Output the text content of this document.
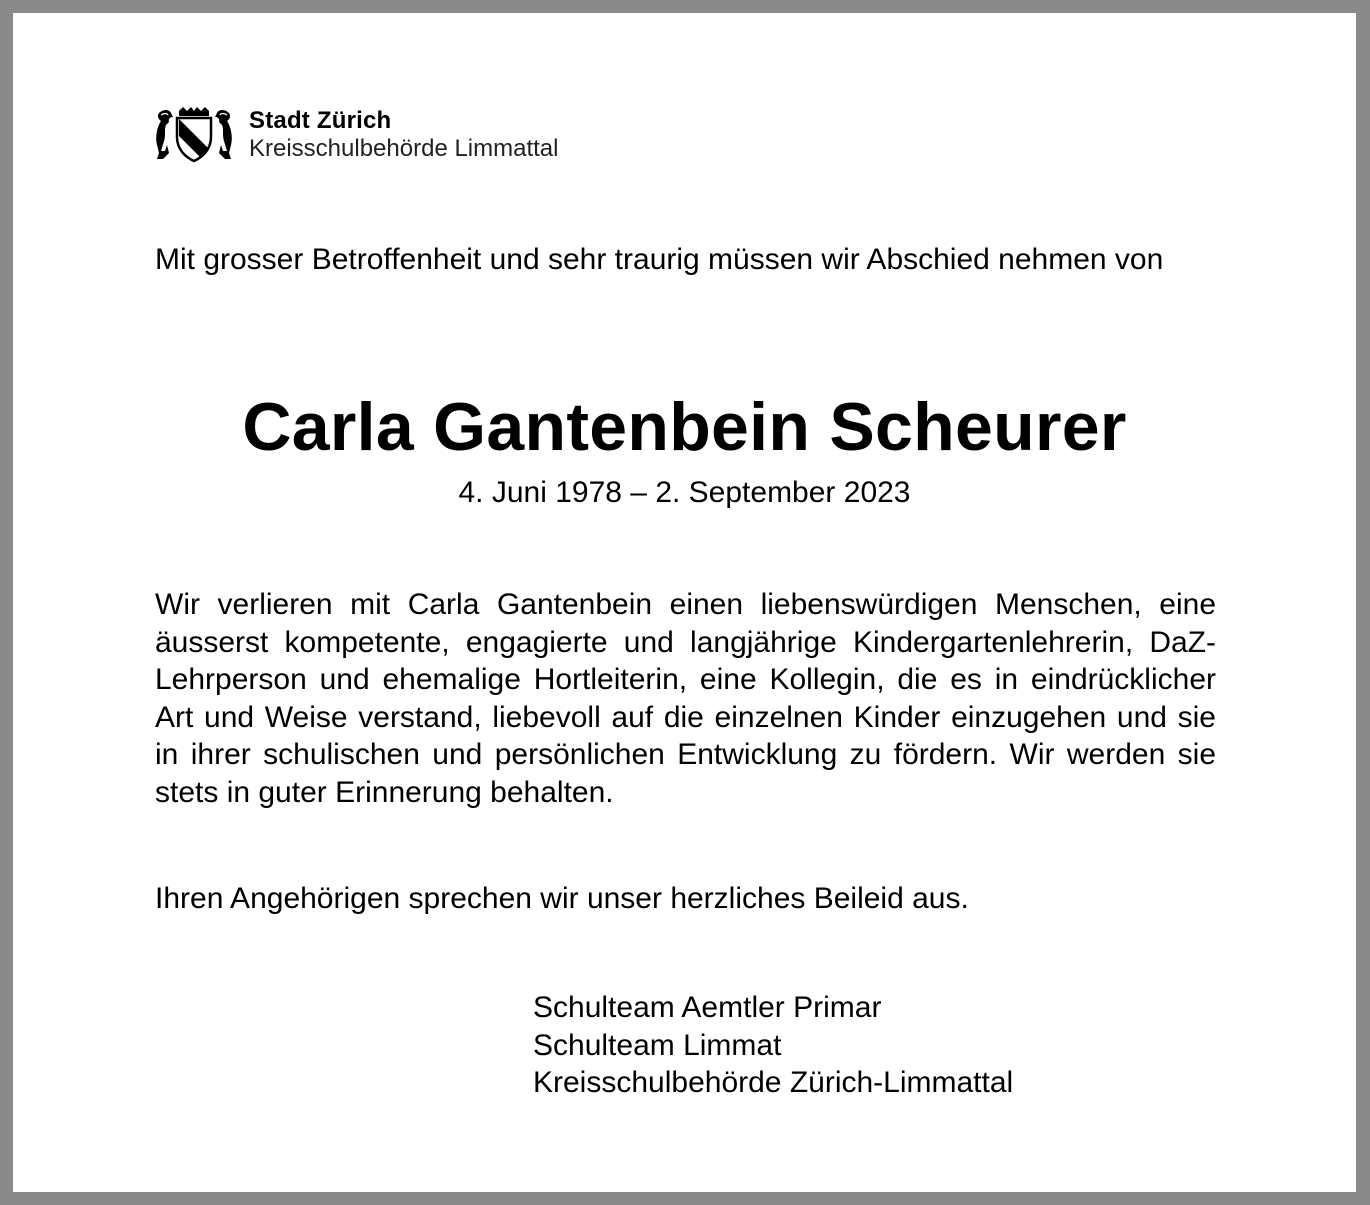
Stadt Zürich
Kreisschulbehörde Limmattal

Mit grosser Betroffenheit und sehr traurig müssen wir Abschied nehmen von

Carla Gantenbein Scheurer
4. Juni 1978 – 2. September 2023

Wir verlieren mit Carla Gantenbein einen liebenswürdigen Menschen, eine äusserst kompetente, engagierte und langjährige Kindergartenlehrerin, DaZ-Lehrperson und ehemalige Hortleiterin, eine Kollegin, die es in eindrücklicher Art und Weise verstand, liebevoll auf die einzelnen Kinder einzugehen und sie in ihrer schulischen und persönlichen Entwicklung zu fördern. Wir werden sie stets in guter Erinnerung behalten.

Ihren Angehörigen sprechen wir unser herzliches Beileid aus.

Schulteam Aemtler Primar
Schulteam Limmat
Kreisschulbehörde Zürich-Limmattal
